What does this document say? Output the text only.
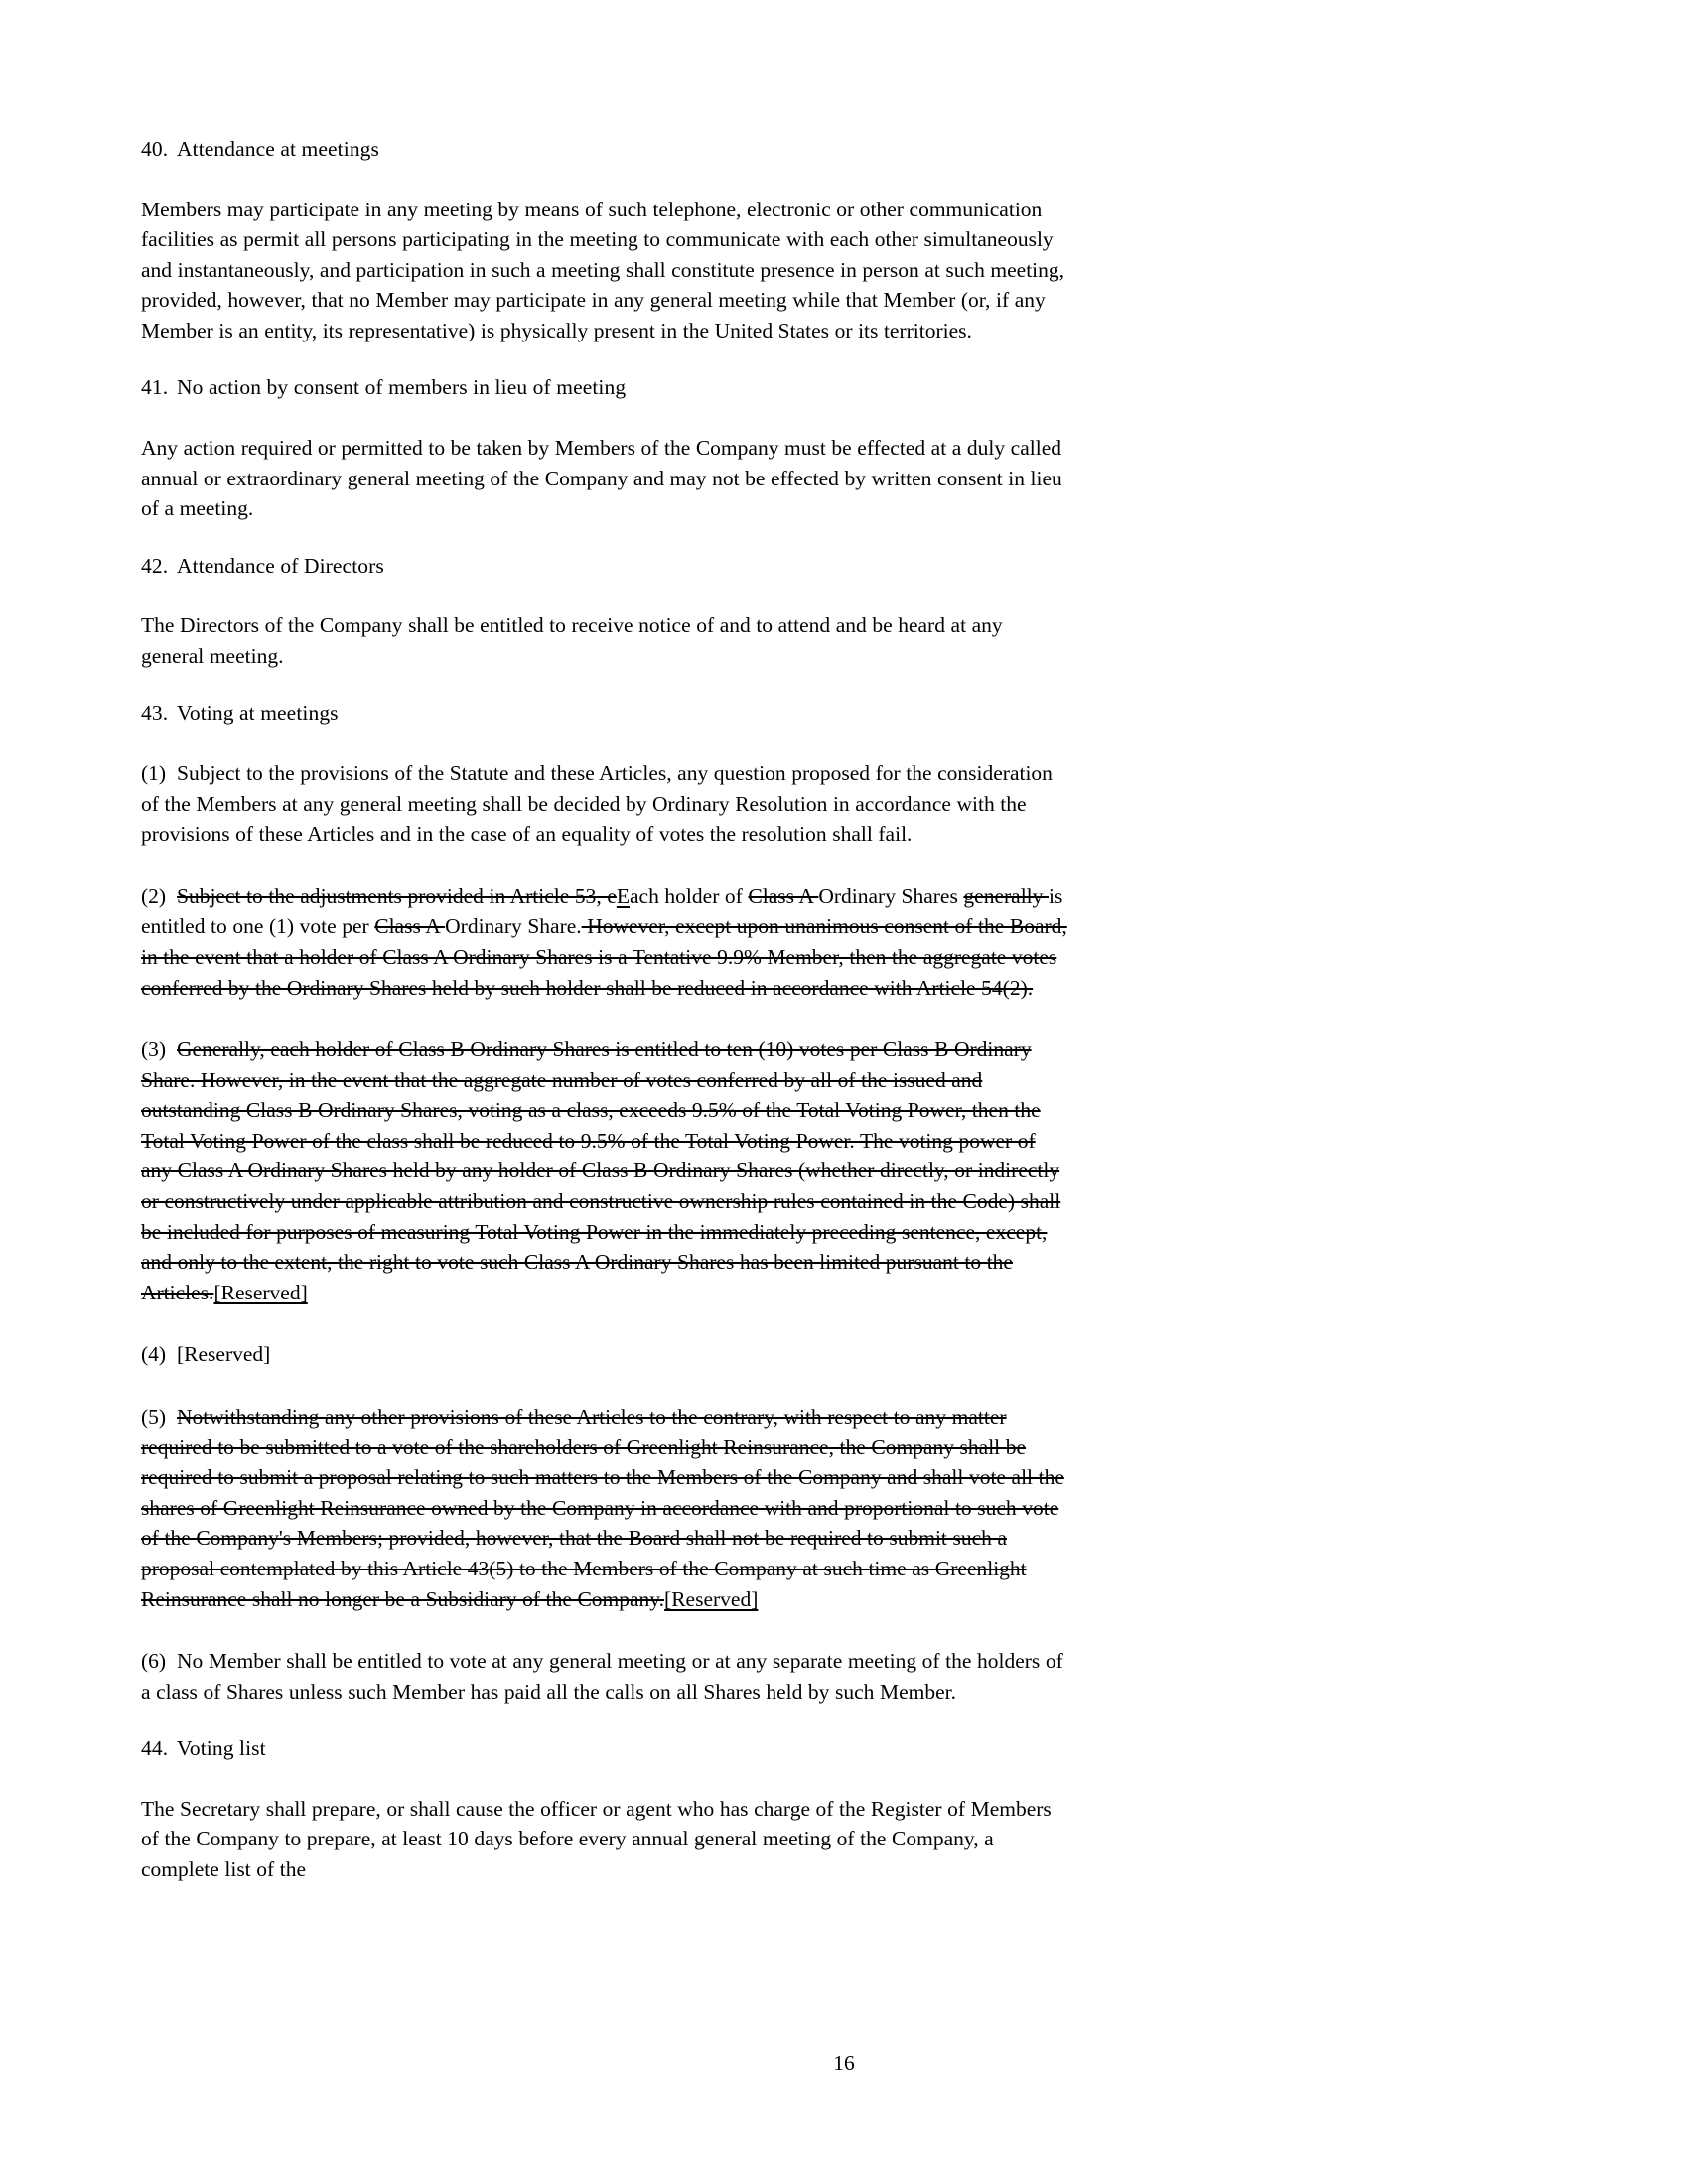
40. Attendance at meetings

Members may participate in any meeting by means of such telephone, electronic or other communication facilities as permit all persons participating in the meeting to communicate with each other simultaneously and instantaneously, and participation in such a meeting shall constitute presence in person at such meeting, provided, however, that no Member may participate in any general meeting while that Member (or, if any Member is an entity, its representative) is physically present in the United States or its territories.

41. No action by consent of members in lieu of meeting

Any action required or permitted to be taken by Members of the Company must be effected at a duly called annual or extraordinary general meeting of the Company and may not be effected by written consent in lieu of a meeting.

42. Attendance of Directors

The Directors of the Company shall be entitled to receive notice of and to attend and be heard at any general meeting.

43. Voting at meetings

(1) Subject to the provisions of the Statute and these Articles, any question proposed for the consideration of the Members at any general meeting shall be decided by Ordinary Resolution in accordance with the provisions of these Articles and in the case of an equality of votes the resolution shall fail.

(2) Subject to the adjustments provided in Article 53, eEach holder of Class A Ordinary Shares generally is entitled to one (1) vote per Class A Ordinary Share. However, except upon unanimous consent of the Board, in the event that a holder of Class A Ordinary Shares is a Tentative 9.9% Member, then the aggregate votes conferred by the Ordinary Shares held by such holder shall be reduced in accordance with Article 54(2).

(3) Generally, each holder of Class B Ordinary Shares is entitled to ten (10) votes per Class B Ordinary Share. However, in the event that the aggregate number of votes conferred by all of the issued and outstanding Class B Ordinary Shares, voting as a class, exceeds 9.5% of the Total Voting Power, then the Total Voting Power of the class shall be reduced to 9.5% of the Total Voting Power. The voting power of any Class A Ordinary Shares held by any holder of Class B Ordinary Shares (whether directly, or indirectly or constructively under applicable attribution and constructive ownership rules contained in the Code) shall be included for purposes of measuring Total Voting Power in the immediately preceding sentence, except, and only to the extent, the right to vote such Class A Ordinary Shares has been limited pursuant to the Articles.[Reserved]

(4) [Reserved]

(5) Notwithstanding any other provisions of these Articles to the contrary, with respect to any matter required to be submitted to a vote of the shareholders of Greenlight Reinsurance, the Company shall be required to submit a proposal relating to such matters to the Members of the Company and shall vote all the shares of Greenlight Reinsurance owned by the Company in accordance with and proportional to such vote of the Company's Members; provided, however, that the Board shall not be required to submit such a proposal contemplated by this Article 43(5) to the Members of the Company at such time as Greenlight Reinsurance shall no longer be a Subsidiary of the Company.[Reserved]

(6) No Member shall be entitled to vote at any general meeting or at any separate meeting of the holders of a class of Shares unless such Member has paid all the calls on all Shares held by such Member.

44. Voting list

The Secretary shall prepare, or shall cause the officer or agent who has charge of the Register of Members of the Company to prepare, at least 10 days before every annual general meeting of the Company, a complete list of the

16
